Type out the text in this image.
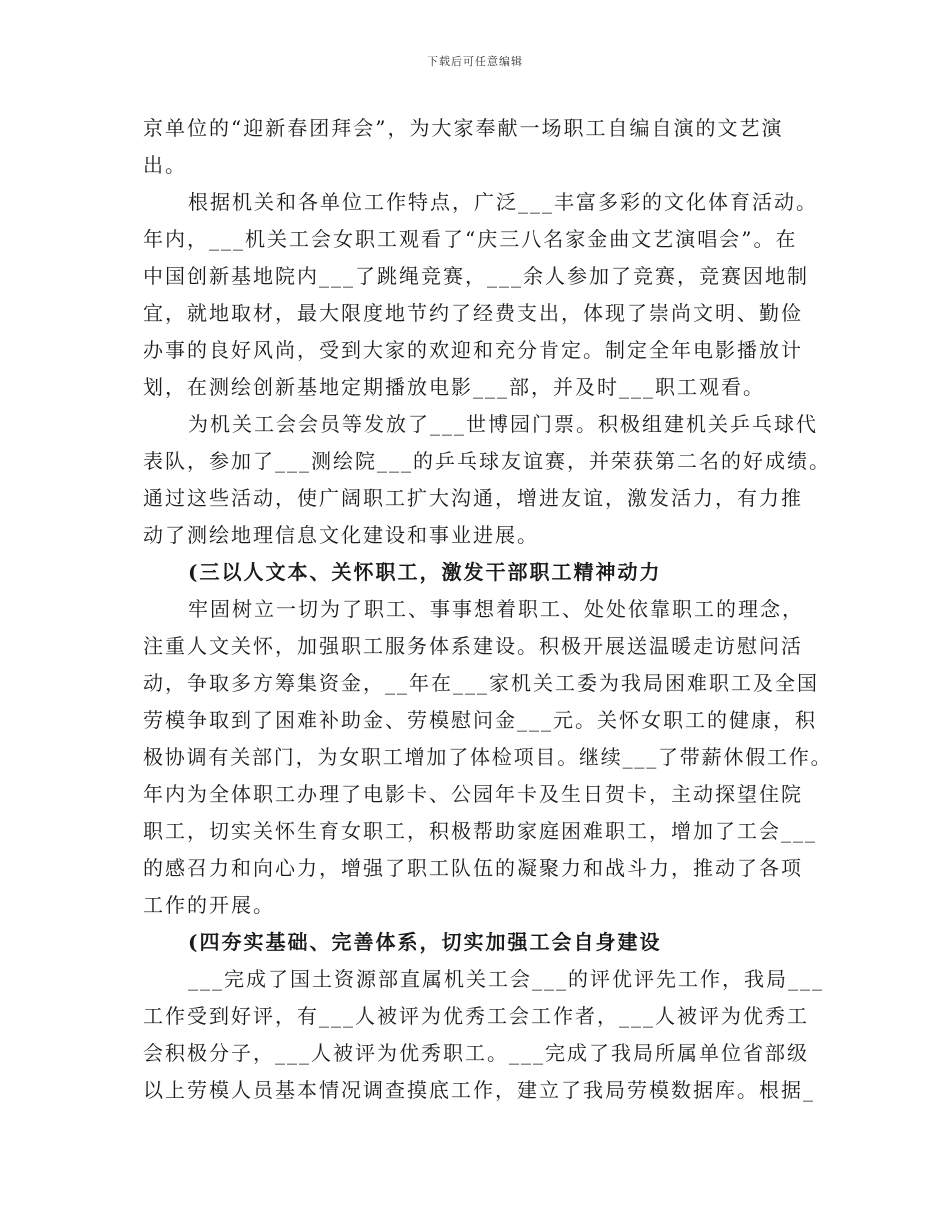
下载后可任意编辑
京单位的“迎新春团拜会”，为大家奉献一场职工自编自演的文艺演
出。
根据机关和各单位工作特点，广泛___丰富多彩的文化体育活动。
年内，___机关工会女职工观看了“庆三八名家金曲文艺演唱会”。在
中国创新基地院内___了跳绳竞赛，___余人参加了竞赛，竞赛因地制
宜，就地取材，最大限度地节约了经费支出，体现了崇尚文明、勤俭
办事的良好风尚，受到大家的欢迎和充分肯定。制定全年电影播放计
划，在测绘创新基地定期播放电影___部，并及时___职工观看。
为机关工会会员等发放了___世博园门票。积极组建机关乒乓球代
表队，参加了___测绘院___的乒乓球友谊赛，并荣获第二名的好成绩。
通过这些活动，使广阔职工扩大沟通，增进友谊，激发活力，有力推
动了测绘地理信息文化建设和事业进展。
(三以人文本、关怀职工，激发干部职工精神动力
牢固树立一切为了职工、事事想着职工、处处依靠职工的理念，
注重人文关怀，加强职工服务体系建设。积极开展送温暖走访慰问活
动，争取多方筹集资金，__年在___家机关工委为我局困难职工及全国
劳模争取到了困难补助金、劳模慰问金___元。关怀女职工的健康，积
极协调有关部门，为女职工增加了体检项目。继续___了带薪休假工作。
年内为全体职工办理了电影卡、公园年卡及生日贺卡，主动探望住院
职工，切实关怀生育女职工，积极帮助家庭困难职工，增加了工会___
的感召力和向心力，增强了职工队伍的凝聚力和战斗力，推动了各项
工作的开展。
(四夯实基础、完善体系，切实加强工会自身建设
___完成了国土资源部直属机关工会___的评优评先工作，我局___
工作受到好评，有___人被评为优秀工会工作者，___人被评为优秀工
会积极分子，___人被评为优秀职工。___完成了我局所属单位省部级
以上劳模人员基本情况调查摸底工作，建立了我局劳模数据库。根据_
